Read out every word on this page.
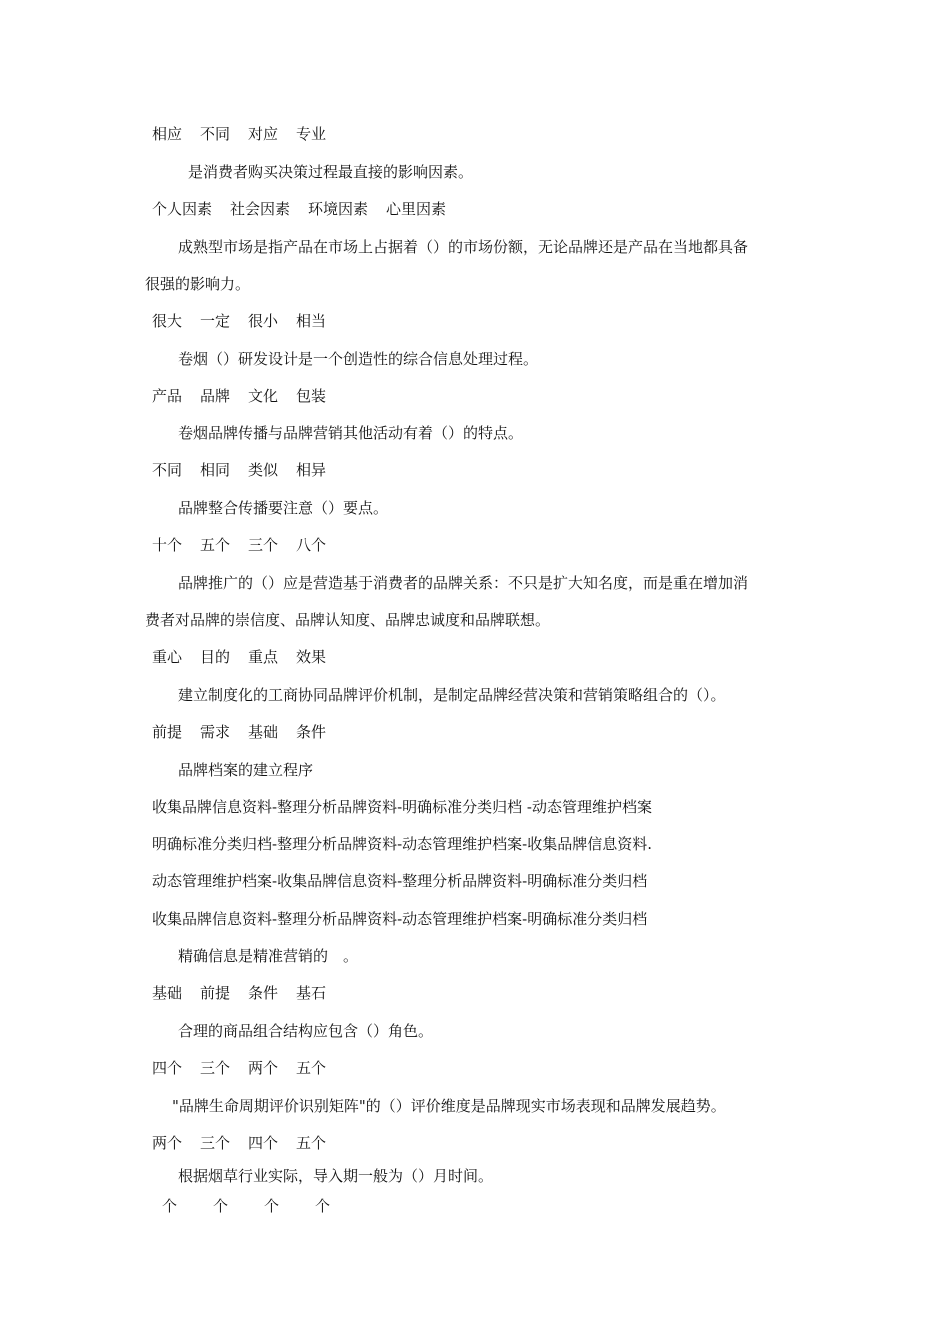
相应 不同 对应 专业
是消费者购买决策过程最直接的影响因素。
个人因素 社会因素 环境因素 心里因素
成熟型市场是指产品在市场上占据着（）的市场份额，无论品牌还是产品在当地都具备
很强的影响力。
很大 一定 很小 相当
卷烟（）研发设计是一个创造性的综合信息处理过程。
产品 品牌 文化 包装
卷烟品牌传播与品牌营销其他活动有着（）的特点。
不同 相同 类似 相异
品牌整合传播要注意（）要点。
十个 五个 三个 八个
品牌推广的（）应是营造基于消费者的品牌关系：不只是扩大知名度，而是重在增加消
费者对品牌的崇信度、品牌认知度、品牌忠诚度和品牌联想。
重心 目的 重点 效果
建立制度化的工商协同品牌评价机制，是制定品牌经营决策和营销策略组合的（）。
前提 需求 基础 条件
品牌档案的建立程序
收集品牌信息资料-整理分析品牌资料-明确标准分类归档 -动态管理维护档案
明确标准分类归档-整理分析品牌资料-动态管理维护档案-收集品牌信息资料.
动态管理维护档案-收集品牌信息资料-整理分析品牌资料-明确标准分类归档
收集品牌信息资料-整理分析品牌资料-动态管理维护档案-明确标准分类归档
精确信息是精准营销的　。
基础 前提 条件 基石
合理的商品组合结构应包含（）角色。
四个 三个 两个 五个
"品牌生命周期评价识别矩阵"的（）评价维度是品牌现实市场表现和品牌发展趋势。
两个 三个 四个 五个
根据烟草行业实际，导入期一般为（）月时间。
个 个 个 个
